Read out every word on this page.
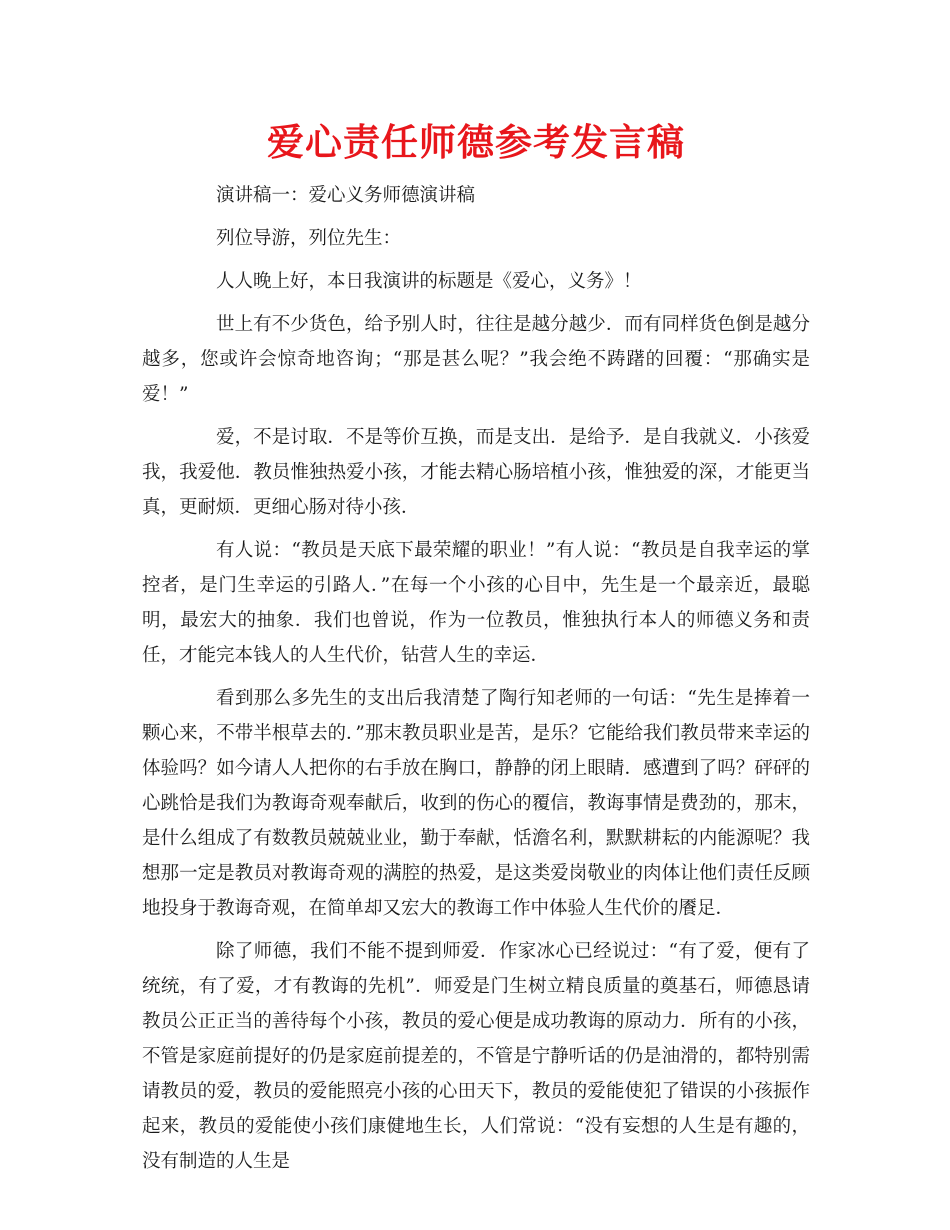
爱心责任师德参考发言稿

演讲稿一：爱心义务师德演讲稿

列位导游，列位先生：

人人晚上好，本日我演讲的标题是《爱心，义务》！

世上有不少货色，给予别人时，往往是越分越少．而有同样货色倒是越分越多，您或许会惊奇地咨询；“那是甚么呢？”我会绝不踌躇的回覆：“那确实是爱！”

爱，不是讨取．不是等价互换，而是支出．是给予．是自我就义．小孩爱我，我爱他．教员惟独热爱小孩，才能去精心肠培植小孩，惟独爱的深，才能更当真，更耐烦．更细心肠对待小孩．

有人说：“教员是天底下最荣耀的职业！”有人说：“教员是自我幸运的掌控者，是门生幸运的引路人．”在每一个小孩的心目中，先生是一个最亲近，最聪明，最宏大的抽象．我们也曾说，作为一位教员，惟独执行本人的师德义务和责任，才能完本钱人的人生代价，钻营人生的幸运．

看到那么多先生的支出后我清楚了陶行知老师的一句话：“先生是捧着一颗心来，不带半根草去的．”那末教员职业是苦，是乐？它能给我们教员带来幸运的体验吗？如今请人人把你的右手放在胸口，静静的闭上眼睛．感遭到了吗？砰砰的心跳恰是我们为教诲奇观奉献后，收到的伤心的覆信，教诲事情是费劲的，那末，是什么组成了有数教员兢兢业业，勤于奉献，恬澹名利，默默耕耘的内能源呢？我想那一定是教员对教诲奇观的满腔的热爱，是这类爱岗敬业的肉体让他们责任反顾地投身于教诲奇观，在简单却又宏大的教诲工作中体验人生代价的餍足．

除了师德，我们不能不提到师爱．作家冰心已经说过：“有了爱，便有了统统，有了爱，才有教诲的先机”．师爱是门生树立精良质量的奠基石，师德恳请教员公正正当的善待每个小孩，教员的爱心便是成功教诲的原动力．所有的小孩，不管是家庭前提好的仍是家庭前提差的，不管是宁静听话的仍是油滑的，都特别需请教员的爱，教员的爱能照亮小孩的心田天下，教员的爱能使犯了错误的小孩振作起来，教员的爱能使小孩们康健地生长，人们常说：“没有妄想的人生是有趣的，没有制造的人生是
